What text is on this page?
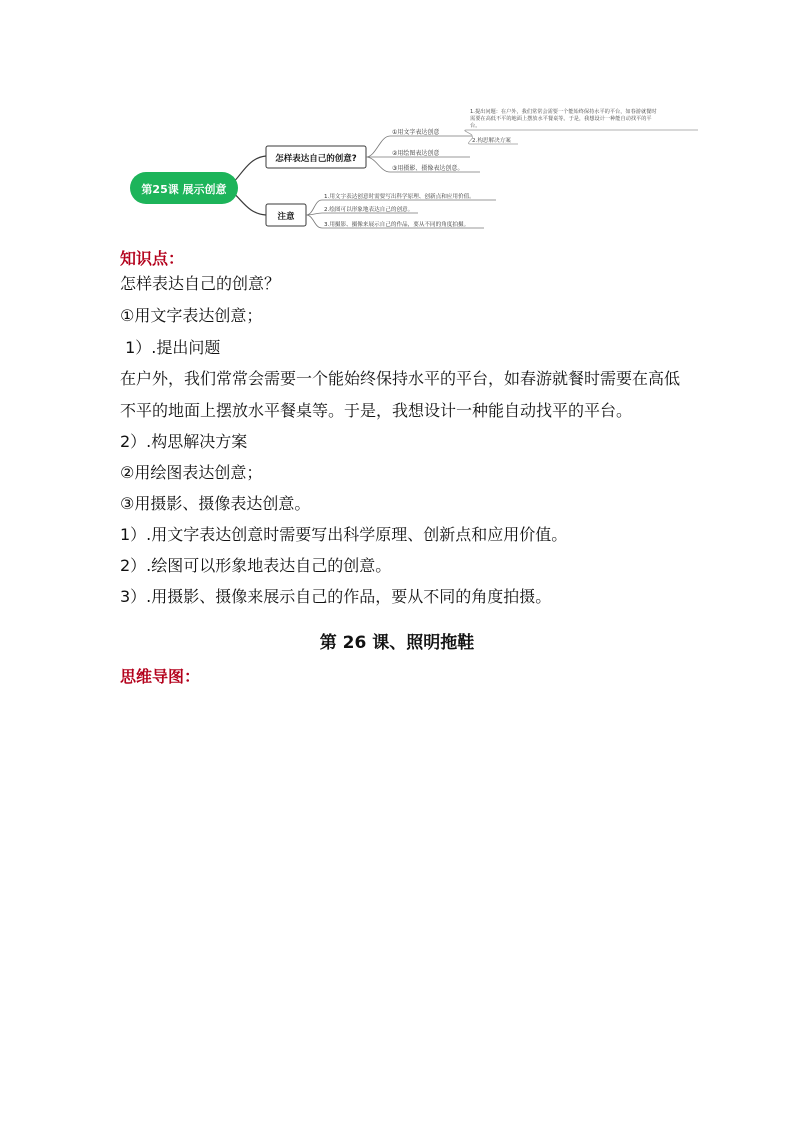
第25课 展示创意
怎样表达自己的创意?
①用文字表达创意
②用绘图表达创意
③用摄影、摄像表达创意。
1.提出问题：在户外，我们常常会需要一个能始终保持水平的平台，如春游就餐时
需要在高低不平的地面上摆放水平餐桌等。于是，我想设计一种能自动找平的平
台。
2.构思解决方案
注意
1.用文字表达创意时需要写出科学原理、创新点和应用价值。
2.绘图可以形象地表达自己的创意。
3.用摄影、摄像来展示自己的作品，要从不同的角度拍摄。
知识点：
怎样表达自己的创意？
①用文字表达创意；
1）.提出问题
在户外，我们常常会需要一个能始终保持水平的平台，如春游就餐时需要在高低
不平的地面上摆放水平餐桌等。于是，我想设计一种能自动找平的平台。
2）.构思解决方案
②用绘图表达创意；
③用摄影、摄像表达创意。
1）.用文字表达创意时需要写出科学原理、创新点和应用价值。
2）.绘图可以形象地表达自己的创意。
3）.用摄影、摄像来展示自己的作品，要从不同的角度拍摄。
第 26 课、照明拖鞋
思维导图：
